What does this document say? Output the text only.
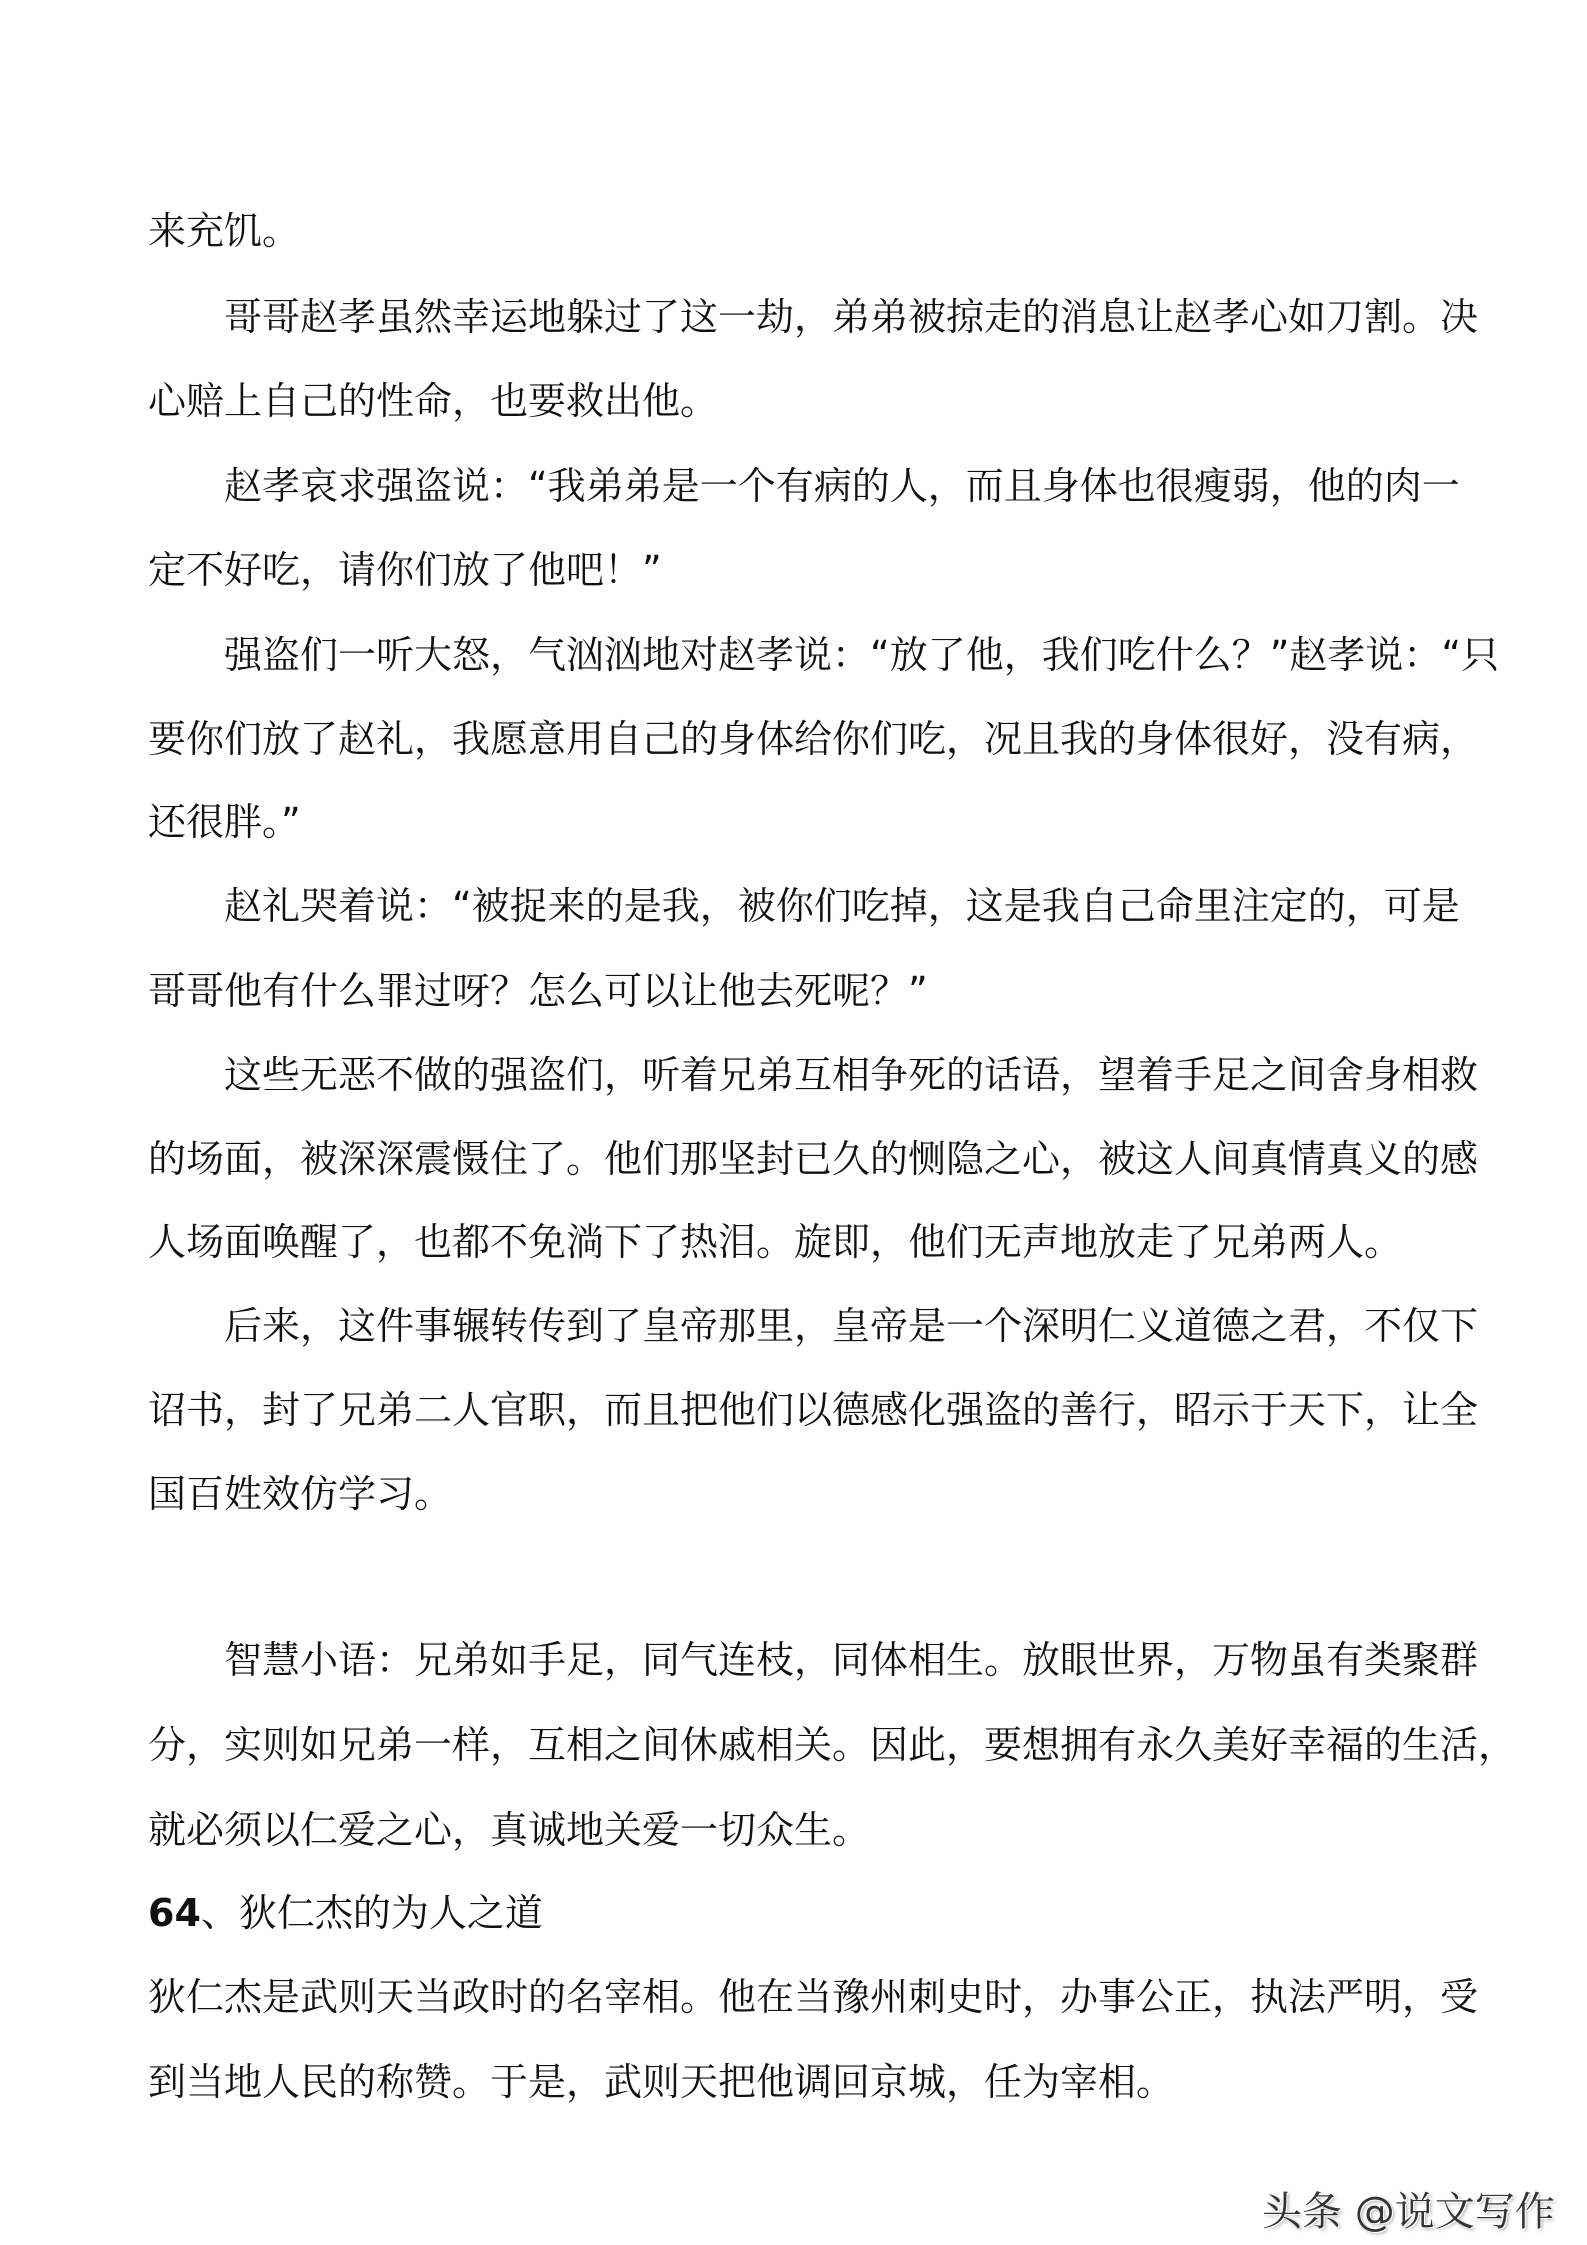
来充饥。
哥哥赵孝虽然幸运地躲过了这一劫，弟弟被掠走的消息让赵孝心如刀割。决
心赔上自己的性命，也要救出他。
赵孝哀求强盗说：“我弟弟是一个有病的人，而且身体也很瘦弱，他的肉一
定不好吃，请你们放了他吧！”
强盗们一听大怒，气汹汹地对赵孝说：“放了他，我们吃什么？”赵孝说：“只
要你们放了赵礼，我愿意用自己的身体给你们吃，况且我的身体很好，没有病，
还很胖。”
赵礼哭着说：“被捉来的是我，被你们吃掉，这是我自己命里注定的，可是
哥哥他有什么罪过呀？怎么可以让他去死呢？”
这些无恶不做的强盗们，听着兄弟互相争死的话语，望着手足之间舍身相救
的场面，被深深震慑住了。他们那坚封已久的恻隐之心，被这人间真情真义的感
人场面唤醒了，也都不免淌下了热泪。旋即，他们无声地放走了兄弟两人。
后来，这件事辗转传到了皇帝那里，皇帝是一个深明仁义道德之君，不仅下
诏书，封了兄弟二人官职，而且把他们以德感化强盗的善行，昭示于天下，让全
国百姓效仿学习。
智慧小语：兄弟如手足，同气连枝，同体相生。放眼世界，万物虽有类聚群
分，实则如兄弟一样，互相之间休戚相关。因此，要想拥有永久美好幸福的生活，
就必须以仁爱之心，真诚地关爱一切众生。
64、狄仁杰的为人之道
狄仁杰是武则天当政时的名宰相。他在当豫州刺史时，办事公正，执法严明，受
到当地人民的称赞。于是，武则天把他调回京城，任为宰相。
头条 @说文写作
